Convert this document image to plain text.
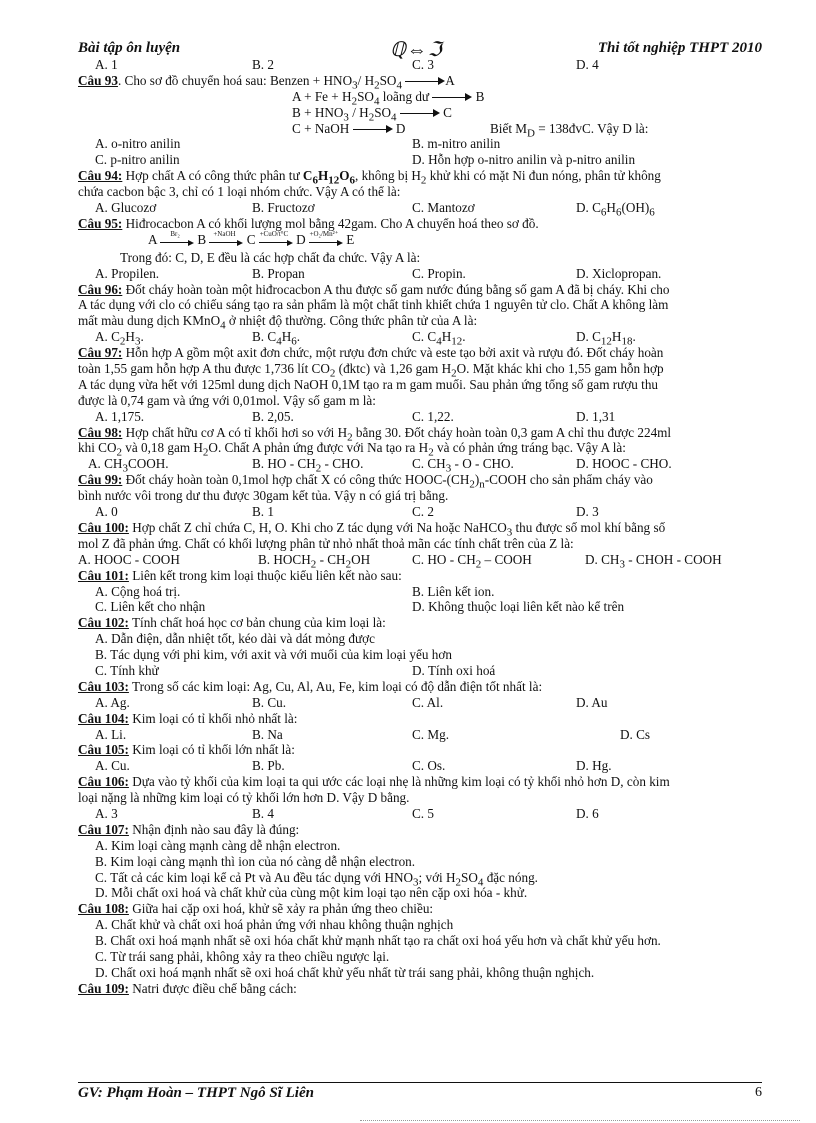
Bài tập ôn luyện	ℚ⇔ℑ	Thi tốt nghiệp THPT 2010
A. 1	B. 2	C. 3	D. 4
Câu 93. Cho sơ đồ chuyển hoá sau: Benzen + $HNO_3/$ $H_2SO_4$	A
$A + Fe + H_2SO_4$ loãng dư	B
$B + HNO_3 / H_2SO_4$	C
C + NaOH	D	Biết $M_D$ = 138đvC. Vậy D là:
A. o-nitro anilin	B. m-nitro anilin
C. p-nitro anilin	D. Hỗn hợp o-nitro anilin và p-nitro anilin
Câu 94: Hợp chất A có công thức phân tư $C_6H_{12}O_6$, không bị $H_2$ khử khi có mặt Ni đun nóng, phân tử không
chứa cacbon bậc 3, chỉ có 1 loại nhóm chức. Vậy A có thể là:
A. Glucozơ	B. Fructozơ	C. Mantozơ	D. $C_6H_6(OH)_6$
Câu 95: Hiđrocacbon A có khối lượng mol bằng 42gam. Cho A chuyển hoá theo sơ đồ.
A	Br₂	B	+NaOH C +CuO/t°C D +O₂/Mn²⁺ E
Trong đó: C, D, E đều là các hợp chất đa chức. Vậy A là:
A. Propilen.	B. Propan	C. Propin.	D. Xiclopropan.
Câu 96: Đốt cháy hoàn toàn một hiđrocacbon A thu được số gam nước đúng bằng số gam A đã bị cháy. Khi cho
A tác dụng với clo có chiếu sáng tạo ra sản phẩm là một chất tinh khiết chứa 1 nguyên tử clo. Chất A không làm
mất màu dung dịch KMnO$_4$ ở nhiệt độ thường. Công thức phân tử của A là:
A. $C_2H_3$.	B. $C_4H_6$.	C. $C_4H_{12}$.	D. $C_{12}H_{18}$.
Câu 97: Hỗn hợp A gồm một axit đơn chức, một rượu đơn chức và este tạo bởi axit và rượu đó. Đốt cháy hoàn
toàn 1,55 gam hỗn hợp A thu được 1,736 lít $CO_2$ (đktc) và 1,26 gam $H_2O$. Mặt khác khi cho 1,55 gam hỗn hợp
A tác dụng vừa hết với 125ml dung dịch NaOH 0,1M tạo ra m gam muối. Sau phản ứng tổng số gam rượu thu
được là 0,74 gam và ứng với 0,01mol. Vậy số gam m là:
A. 1,175.	B. 2,05.	C. 1,22.	D. 1,31
Câu 98: Hợp chất hữu cơ A có tỉ khối hơi so với $H_2$ bằng 30. Đốt cháy hoàn toàn 0,3 gam A chỉ thu được 224ml
khi $CO_2$ và 0,18 gam $H_2O$. Chất A phản ứng được với Na tạo ra $H_2$ và có phản ứng tráng bạc. Vậy A là:
A. $CH_3COOH$.	B. HO - $CH_2$ - CHO.	C. $CH_3$ - O - CHO.	D. HOOC - CHO.
Câu 99: Đốt cháy hoàn toàn 0,1mol hợp chất X có công thức HOOC-$(CH_2)_n$-COOH cho sản phẩm cháy vào
bình nước vôi trong dư thu được 30gam kết tủa. Vậy n có giá trị bằng.
A. 0	B. 1	C. 2	D. 3
Câu 100: Hợp chất Z chỉ chứa C, H, O. Khi cho Z tác dụng với Na hoặc NaHCO$_3$ thu được số mol khí bằng số
mol Z đã phản ứng. Chất có khối lượng phân tử nhỏ nhất thoả mãn các tính chất trên của Z là:
A. HOOC - COOH	B. $HOCH_2 - CH_2OH$	C. HO - $CH_2$ – COOH	D. $CH_3$ - CHOH - COOH
Câu 101: Liên kết trong kim loại thuộc kiểu liên kết nào sau:
A. Cộng hoá trị.	B. Liên kết ion.
C. Liên kết cho nhận	D. Không thuộc loại liên kết nào kể trên
Câu 102: Tính chất hoá học cơ bản chung của kim loại là:
A. Dẫn điện, dẫn nhiệt tốt, kéo dài và dát mỏng được
B. Tác dụng với phi kim, với axit và với muối của kim loại yếu hơn
C. Tính khử	D. Tính oxi hoá
Câu 103: Trong số các kim loại: Ag, Cu, Al, Au, Fe, kim loại có độ dẫn điện tốt nhất là:
A. Ag.	B. Cu.	C. Al.	D. Au
Câu 104: Kim loại có tỉ khối nhỏ nhất là:
A. Li.	B. Na	C. Mg.	D. Cs
Câu 105: Kim loại có tỉ khối lớn nhất là:
A. Cu.	B. Pb.	C. Os.	D. Hg.
Câu 106: Dựa vào tỷ khối của kim loại ta qui ước các loại nhẹ là những kim loại có tỷ khối nhỏ hơn D, còn kim
loại nặng là những kim loại có tỷ khối lớn hơn D. Vậy D bằng.
A. 3	B. 4	C. 5	D. 6
Câu 107: Nhận định nào sau đây là đúng:
A. Kim loại càng mạnh càng dễ nhận electron.
B. Kim loại càng mạnh thì ion của nó càng dễ nhận electron.
C. Tất cả các kim loại kể cả Pt và Au đều tác dụng với $HNO_3$; với $H_2SO_4$ đặc nóng.
D. Mỗi chất oxi hoá và chất khử của cùng một kim loại tạo nên cặp oxi hóa - khử.
Câu 108: Giữa hai cặp oxi hoá, khử sẽ xảy ra phản ứng theo chiều:
A. Chất khử và chất oxi hoá phản ứng với nhau không thuận nghịch
B. Chất oxi hoá mạnh nhất sẽ oxi hóa chất khử mạnh nhất tạo ra chất oxi hoá yếu hơn và chất khử yếu hơn.
C. Từ trái sang phải, không xảy ra theo chiều ngược lại.
D. Chất oxi hoá mạnh nhất sẽ oxi hoá chất khử yếu nhất từ trái sang phải, không thuận nghịch.
Câu 109: Natri được điều chế bằng cách:
GV: Phạm Hoàn – THPT Ngô Sĩ Liên	6
